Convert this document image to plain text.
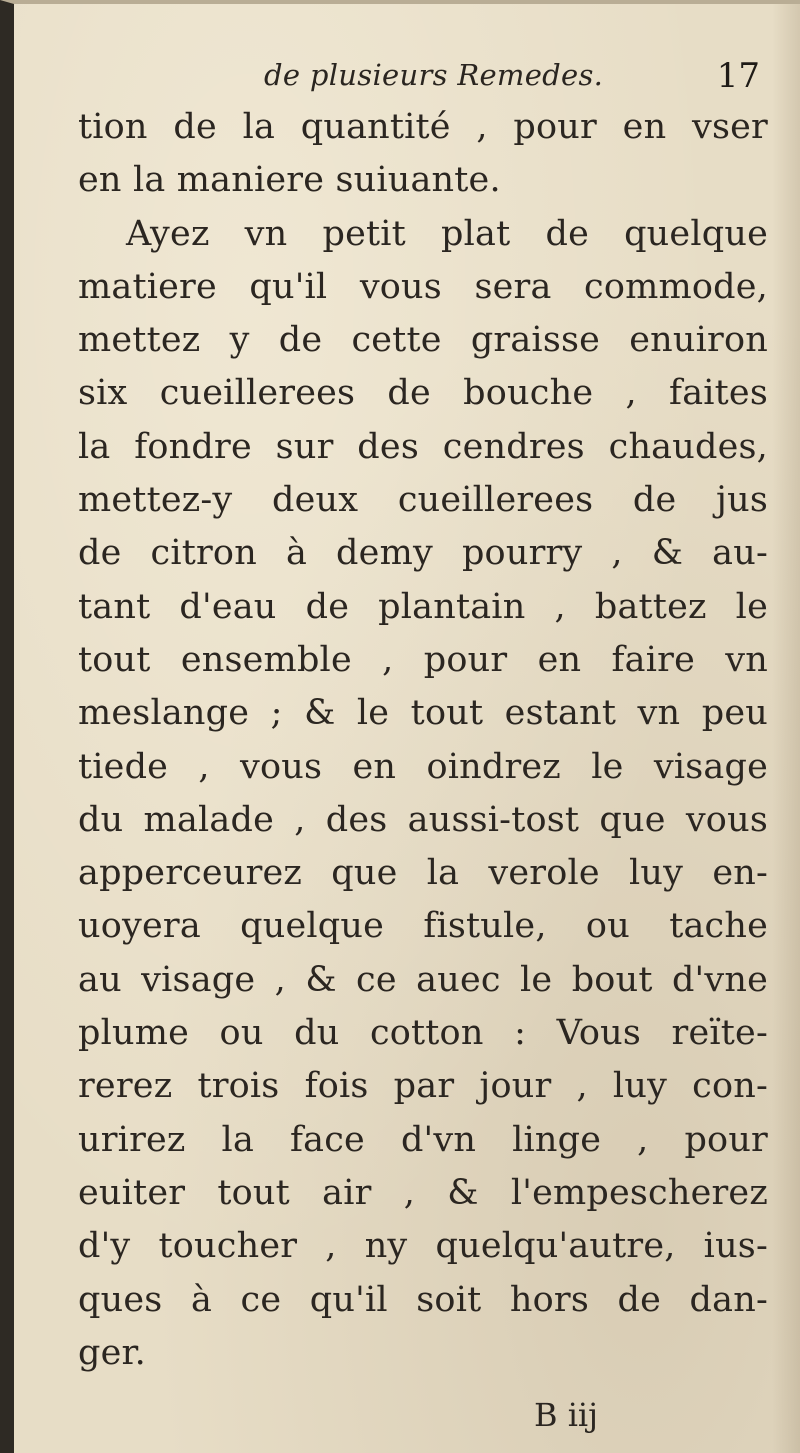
de plusieurs Remedes.	17
tion de la quantité , pour en vser
en la maniere suiuante.
Ayez vn petit plat de quelque
matiere qu'il vous sera commode,
mettez y de cette graisse enuiron
six cueillerees de bouche , faites
la fondre sur des cendres chaudes,
mettez-y deux cueillerees de jus
de citron à demy pourry , & au-
tant d'eau de plantain , battez le
tout ensemble , pour en faire vn
meslange ; & le tout estant vn peu
tiede , vous en oindrez le visage
du malade , des aussi-tost que vous
apperceurez que la verole luy en-
uoyera quelque fistule, ou tache
au visage , & ce auec le bout d'vne
plume ou du cotton : Vous reïte-
rerez trois fois par jour , luy con-
urirez la face d'vn linge , pour
euiter tout air , & l'empescherez
d'y toucher , ny quelqu'autre, ius-
ques à ce qu'il soit hors de dan-
ger.
B iij
